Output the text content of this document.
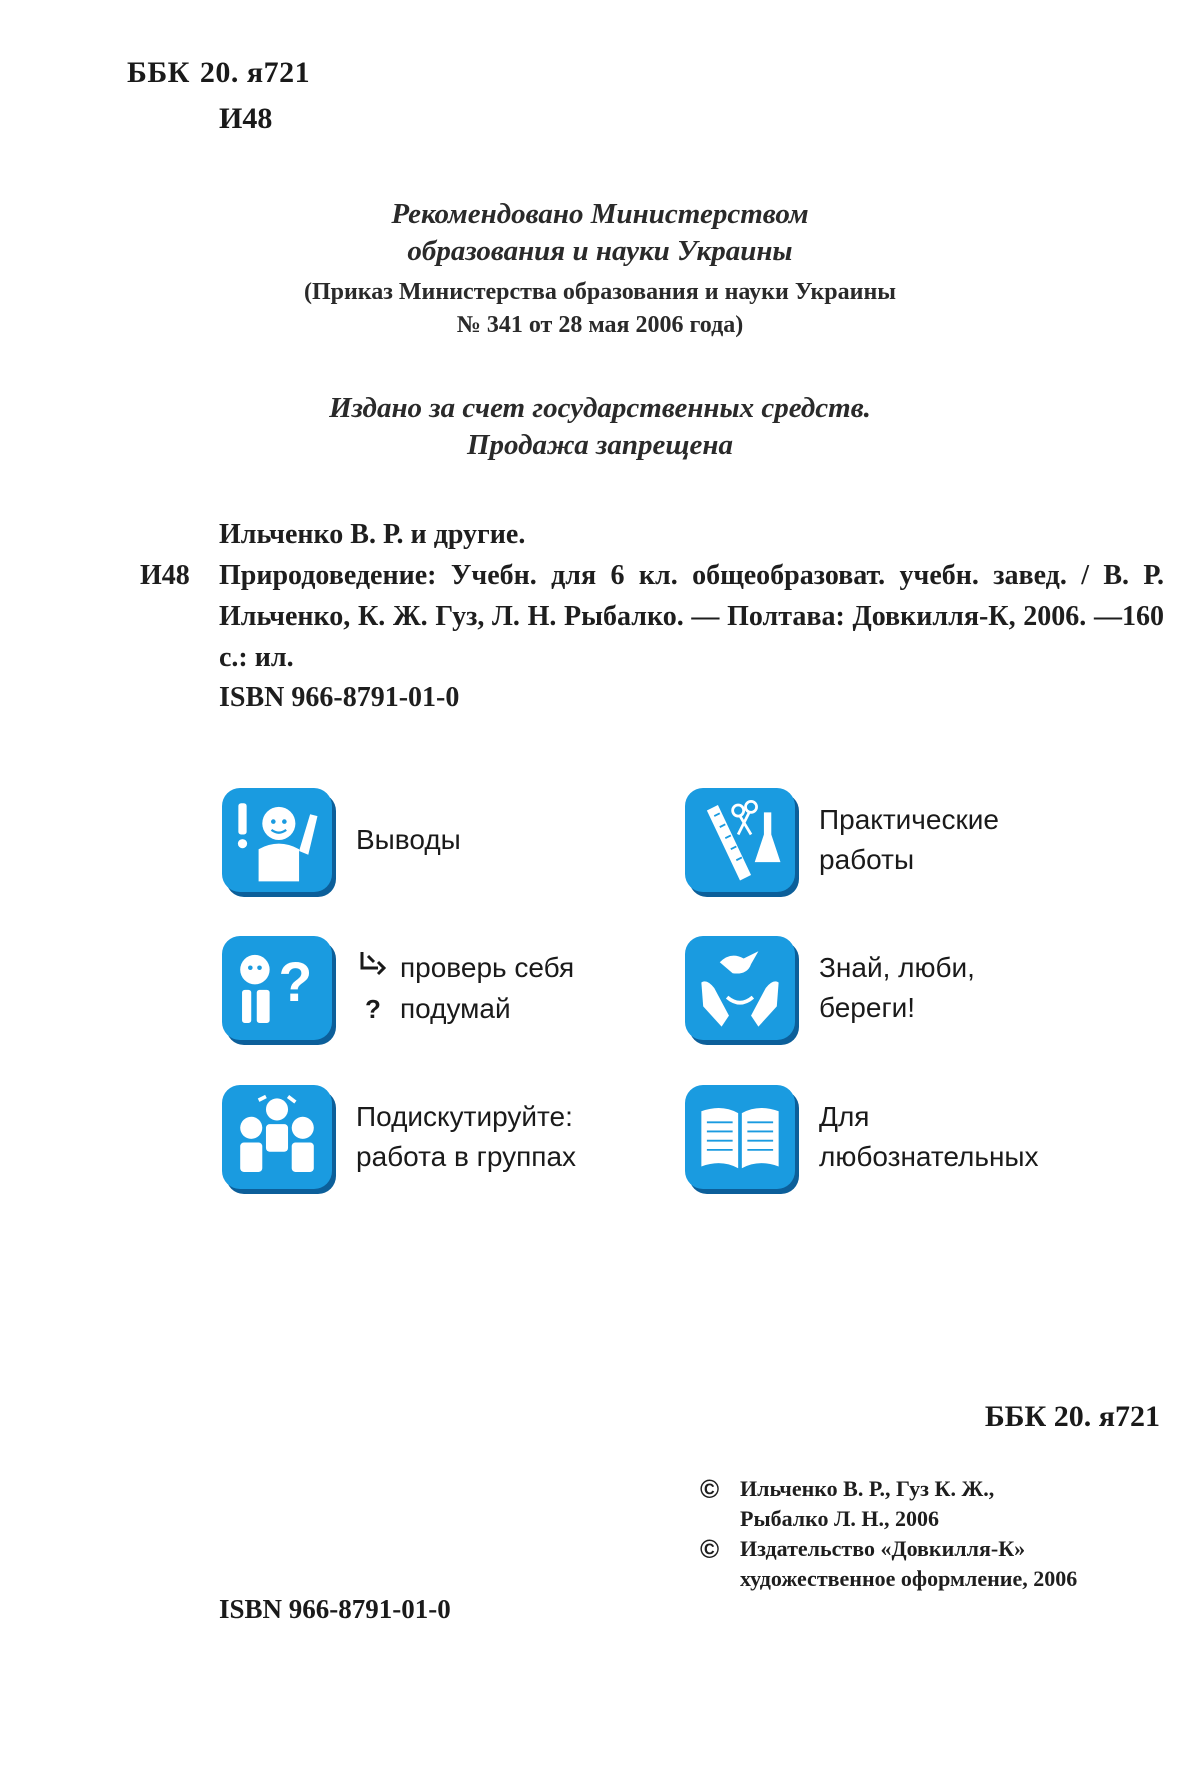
ББК 20. я721
И48
Рекомендовано Министерством
образования и науки Украины
(Приказ Министерства образования и науки Украины
№ 341 от 28 мая 2006 года)
Издано за счет государственных средств.
Продажа запрещена
Ильченко В. Р. и другие.
И48 Природоведение: Учебн. для 6 кл. общеобразоват. учебн. завед. / В. Р. Ильченко, К. Ж. Гуз, Л. Н. Рыбалко. — Полтава: Довкилля-К, 2006. —160 с.: ил.
ISBN 966-8791-01-0
Выводы
Практические
работы
?	проверь себя
? подумай
Знай, люби,
береги!
Подискутируйте:
работа в группах
Для
любознательных
ББК 20. я721
© Ильченко В. Р., Гуз К. Ж.,
Рыбалко Л. Н., 2006
© Издательство «Довкилля-К»
художественное оформление, 2006
ISBN 966-8791-01-0
